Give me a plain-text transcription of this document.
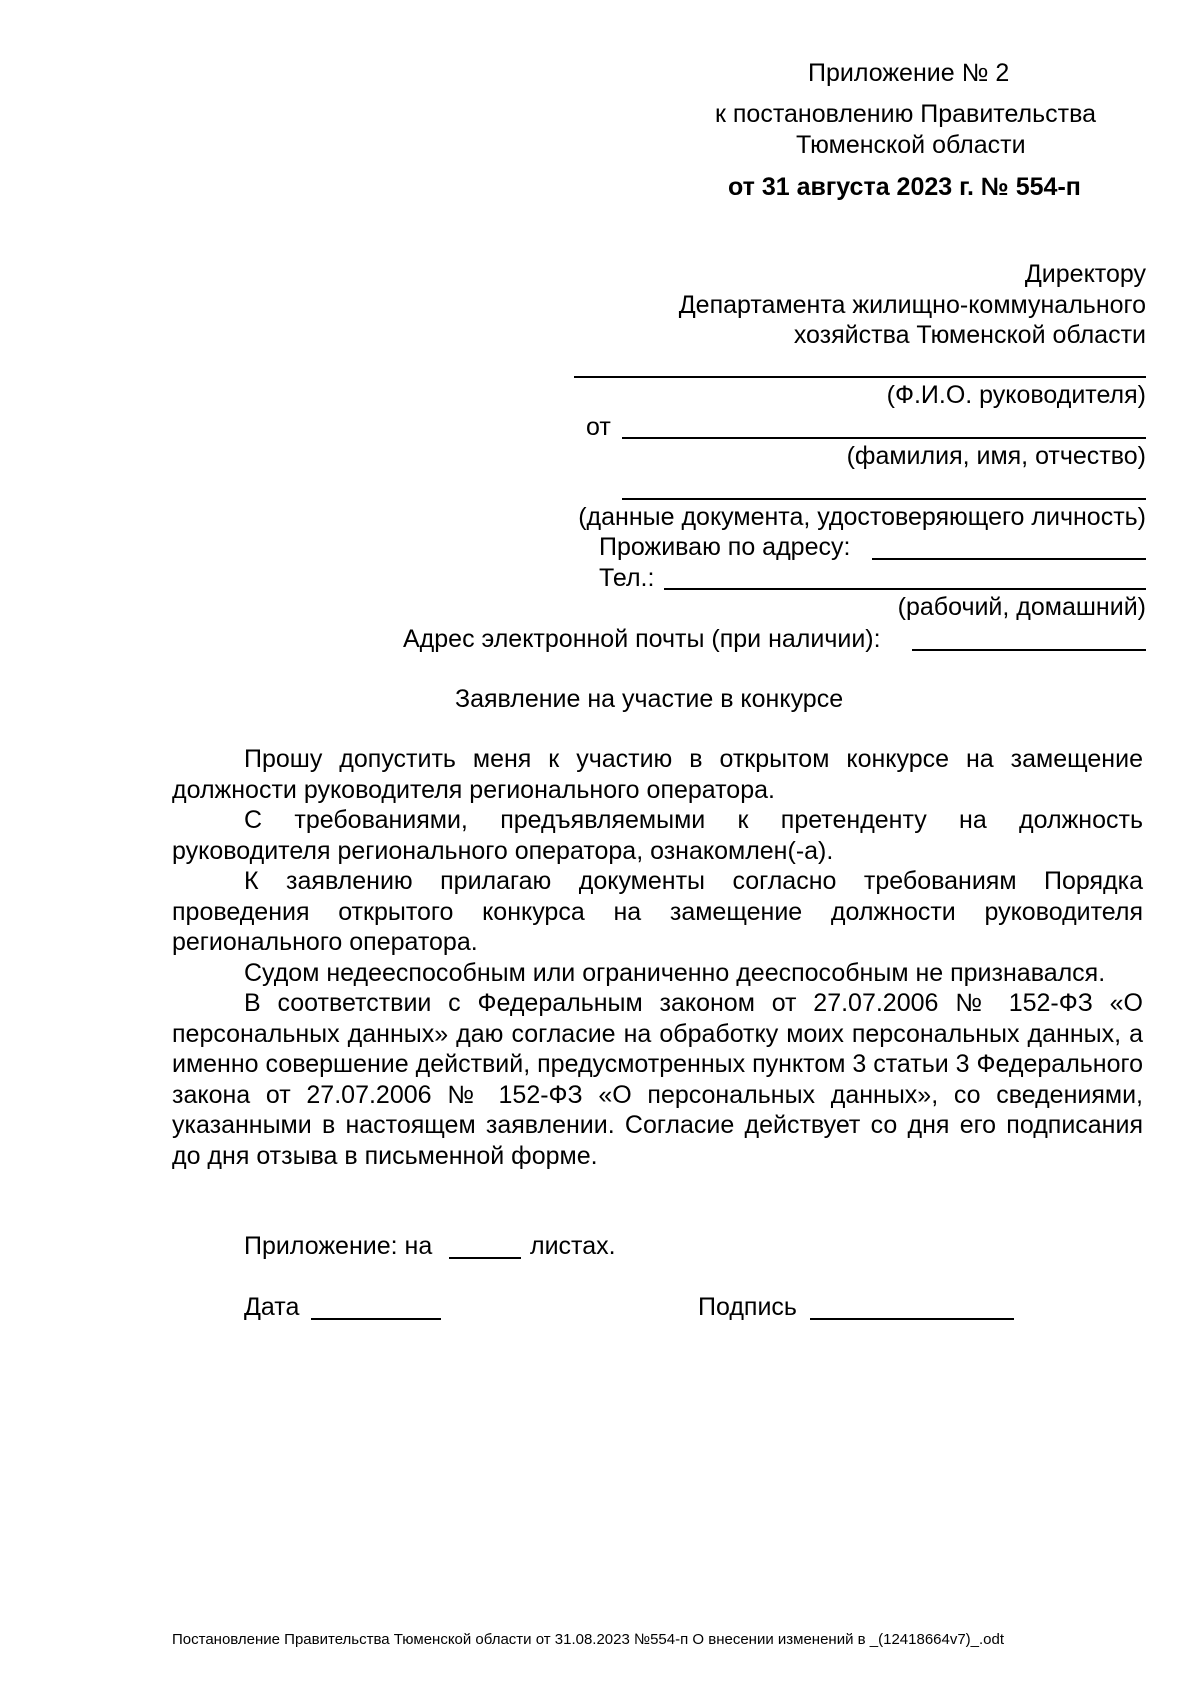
Приложение № 2
к постановлению Правительства
Тюменской области
от 31 августа 2023 г. № 554-п
Директору
Департамента жилищно-коммунального
хозяйства Тюменской области
(Ф.И.О. руководителя)
от
(фамилия, имя, отчество)
(данные документа, удостоверяющего личность)
Проживаю по адресу:
Тел.:
(рабочий, домашний)
Адрес электронной почты (при наличии):
Заявление на участие в конкурсе

Прошу допустить меня к участию в открытом конкурсе на замещение должности руководителя регионального оператора.

С требованиями, предъявляемыми к претенденту на должность руководителя регионального оператора, ознакомлен(-а).

К заявлению прилагаю документы согласно требованиям Порядка проведения открытого конкурса на замещение должности руководителя регионального оператора.

Судом недееспособным или ограниченно дееспособным не признавался.

В соответствии с Федеральным законом от 27.07.2006 № 152-ФЗ «О персональных данных» даю согласие на обработку моих персональных данных, а именно совершение действий, предусмотренных пунктом 3 статьи 3 Федерального закона от 27.07.2006 № 152-ФЗ «О персональных данных», со сведениями, указанными в настоящем заявлении. Согласие действует со дня его подписания до дня отзыва в письменной форме.

Приложение: на	листах.
Дата	Подпись
Постановление Правительства Тюменской области от 31.08.2023 №554-п О внесении изменений в _(12418664v7)_.odt
